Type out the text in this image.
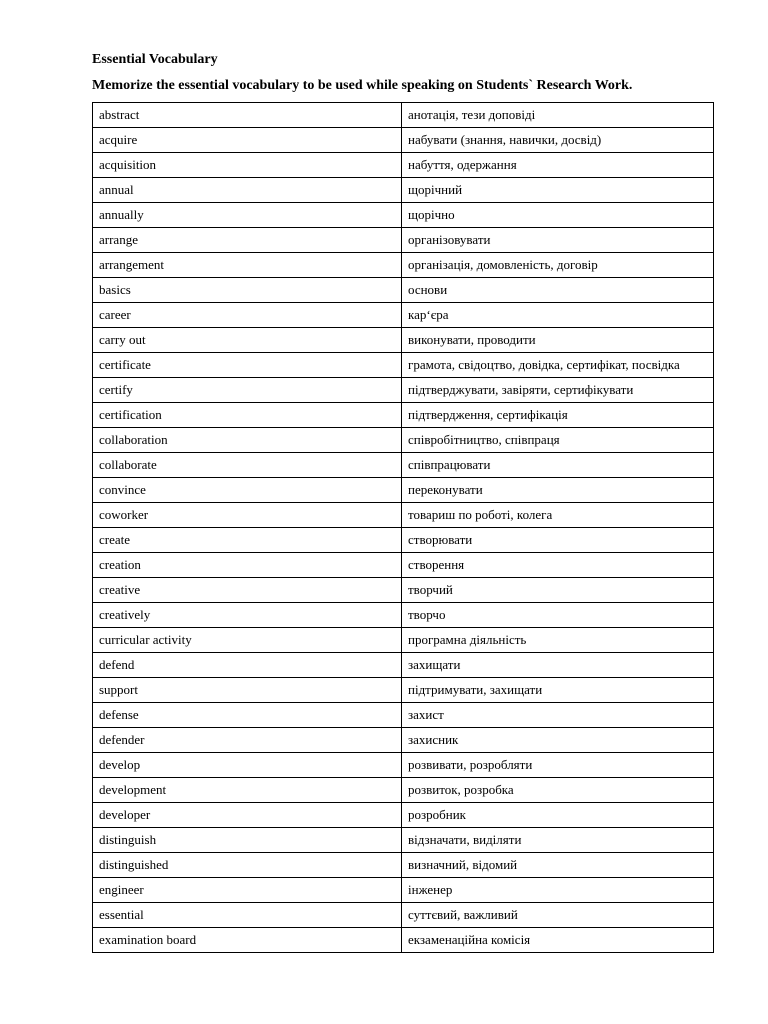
Essential Vocabulary

Memorize the essential vocabulary to be used while speaking on Students` Research Work.

abstract	анотація, тези доповіді
acquire	набувати (знання, навички, досвід)
acquisition	набуття, одержання
annual	щорічний
annually	щорічно
arrange	організовувати
arrangement	організація, домовленість, договір
basics	основи
career	кар‘єра
carry out	виконувати, проводити
certificate	грамота, свідоцтво, довідка, сертифікат, посвідка
certify	підтверджувати, завіряти, сертифікувати
certification	підтвердження, сертифікація
collaboration	співробітництво, співпраця
collaborate	співпрацювати
convince	переконувати
coworker	товариш по роботі, колега
create	створювати
creation	створення
creative	творчий
creatively	творчо
curricular activity	програмна діяльність
defend	захищати
support	підтримувати, захищати
defense	захист
defender	захисник
develop	розвивати, розробляти
development	розвиток, розробка
developer	розробник
distinguish	відзначати, виділяти
distinguished	визначний, відомий
engineer	інженер
essential	суттєвий, важливий
examination board	екзаменаційна комісія
